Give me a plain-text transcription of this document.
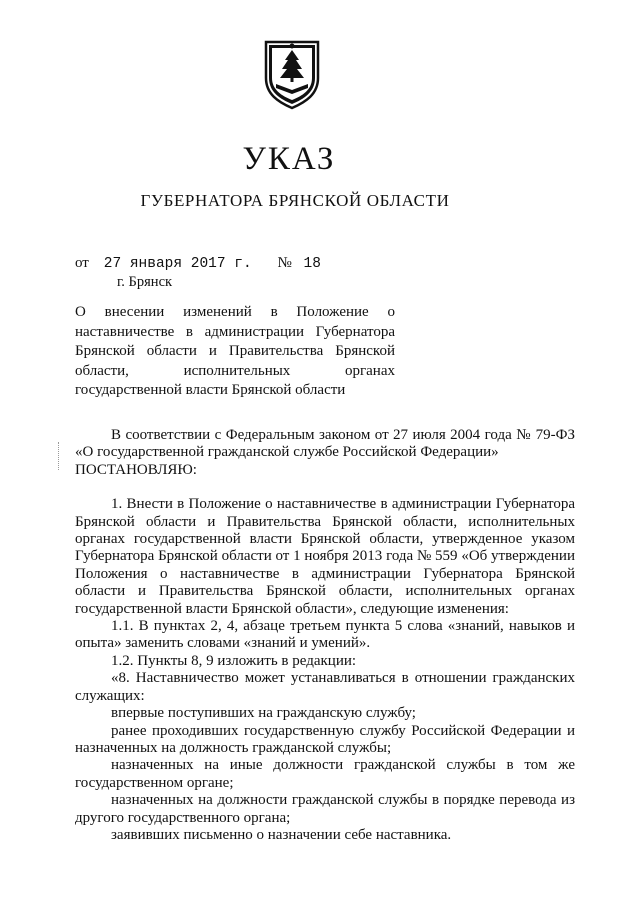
УКАЗ
ГУБЕРНАТОРА БРЯНСКОЙ ОБЛАСТИ
от 27 января 2017 г. № 18
г. Брянск
О внесении изменений в Положение о наставничестве в администрации Губернатора Брянской области и Правительства Брянской области, исполнительных органах государственной власти Брянской области

В соответствии с Федеральным законом от 27 июля 2004 года № 79-ФЗ «О государственной гражданской службе Российской Федерации»

ПОСТАНОВЛЯЮ:

1. Внести в Положение о наставничестве в администрации Губернатора Брянской области и Правительства Брянской области, исполнительных органах государственной власти Брянской области, утвержденное указом Губернатора Брянской области от 1 ноября 2013 года № 559 «Об утверждении Положения о наставничестве в администрации Губернатора Брянской области и Правительства Брянской области, исполнительных органах государственной власти Брянской области», следующие изменения:

1.1. В пунктах 2, 4, абзаце третьем пункта 5 слова «знаний, навыков и опыта» заменить словами «знаний и умений».

1.2. Пункты 8, 9 изложить в редакции:

«8. Наставничество может устанавливаться в отношении гражданских служащих:

впервые поступивших на гражданскую службу;

ранее проходивших государственную службу Российской Федерации и назначенных на должность гражданской службы;

назначенных на иные должности гражданской службы в том же государственном органе;

назначенных на должности гражданской службы в порядке перевода из другого государственного органа;

заявивших письменно о назначении себе наставника.
